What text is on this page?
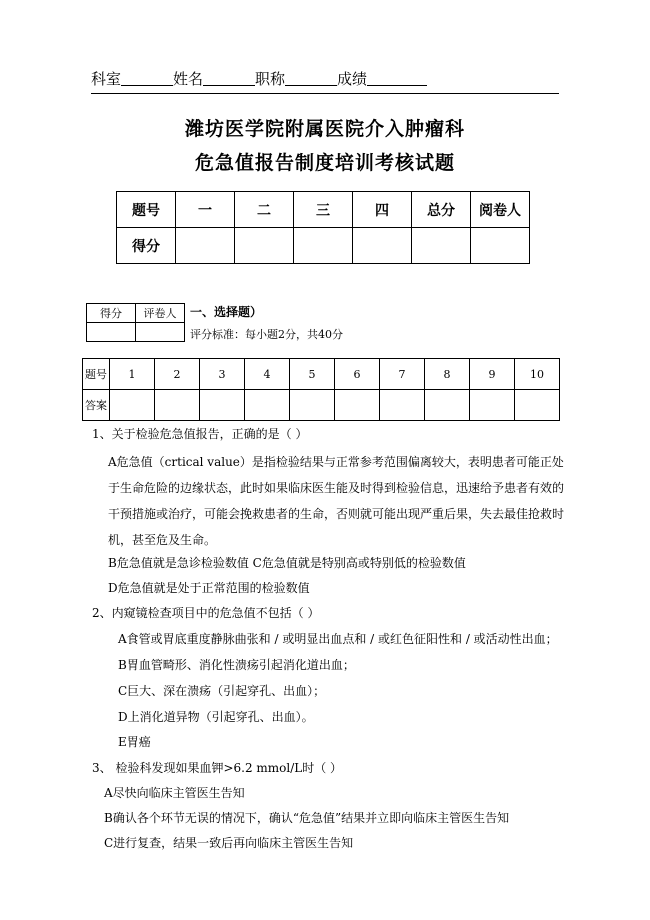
科室	姓名	职称	成绩
潍坊医学院附属医院介入肿瘤科
危急值报告制度培训考核试题
题号	一	二	三	四	总分	阅卷人
得分						
得分	评卷人
	一、选择题）
评分标准：每小题2分，共40分
题号	1	2	3	4	5	6	7	8	9	10
答案										
1、关于检验危急值报告，正确的是（ ）
A危急值（crtical value）是指检验结果与正常参考范围偏离较大，表明患者可能正处于生命危险的边缘状态，此时如果临床医生能及时得到检验信息，迅速给予患者有效的干预措施或治疗，可能会挽救患者的生命，否则就可能出现严重后果，失去最佳抢救时机，甚至危及生命。
B危急值就是急诊检验数值 C危急值就是特别高或特别低的检验数值
D危急值就是处于正常范围的检验数值
2、内窥镜检查项目中的危急值不包括（ ）
A食管或胃底重度静脉曲张和 / 或明显出血点和 / 或红色征阳性和 / 或活动性出血；
B胃血管畸形、消化性溃疡引起消化道出血；
C巨大、深在溃疡（引起穿孔、出血）；
D上消化道异物（引起穿孔、出血）。
E胃癌
3、 检验科发现如果血钾>6.2 mmol/L时（ ）
A尽快向临床主管医生告知
B确认各个环节无误的情况下，确认“危急值”结果并立即向临床主管医生告知
C进行复查，结果一致后再向临床主管医生告知
